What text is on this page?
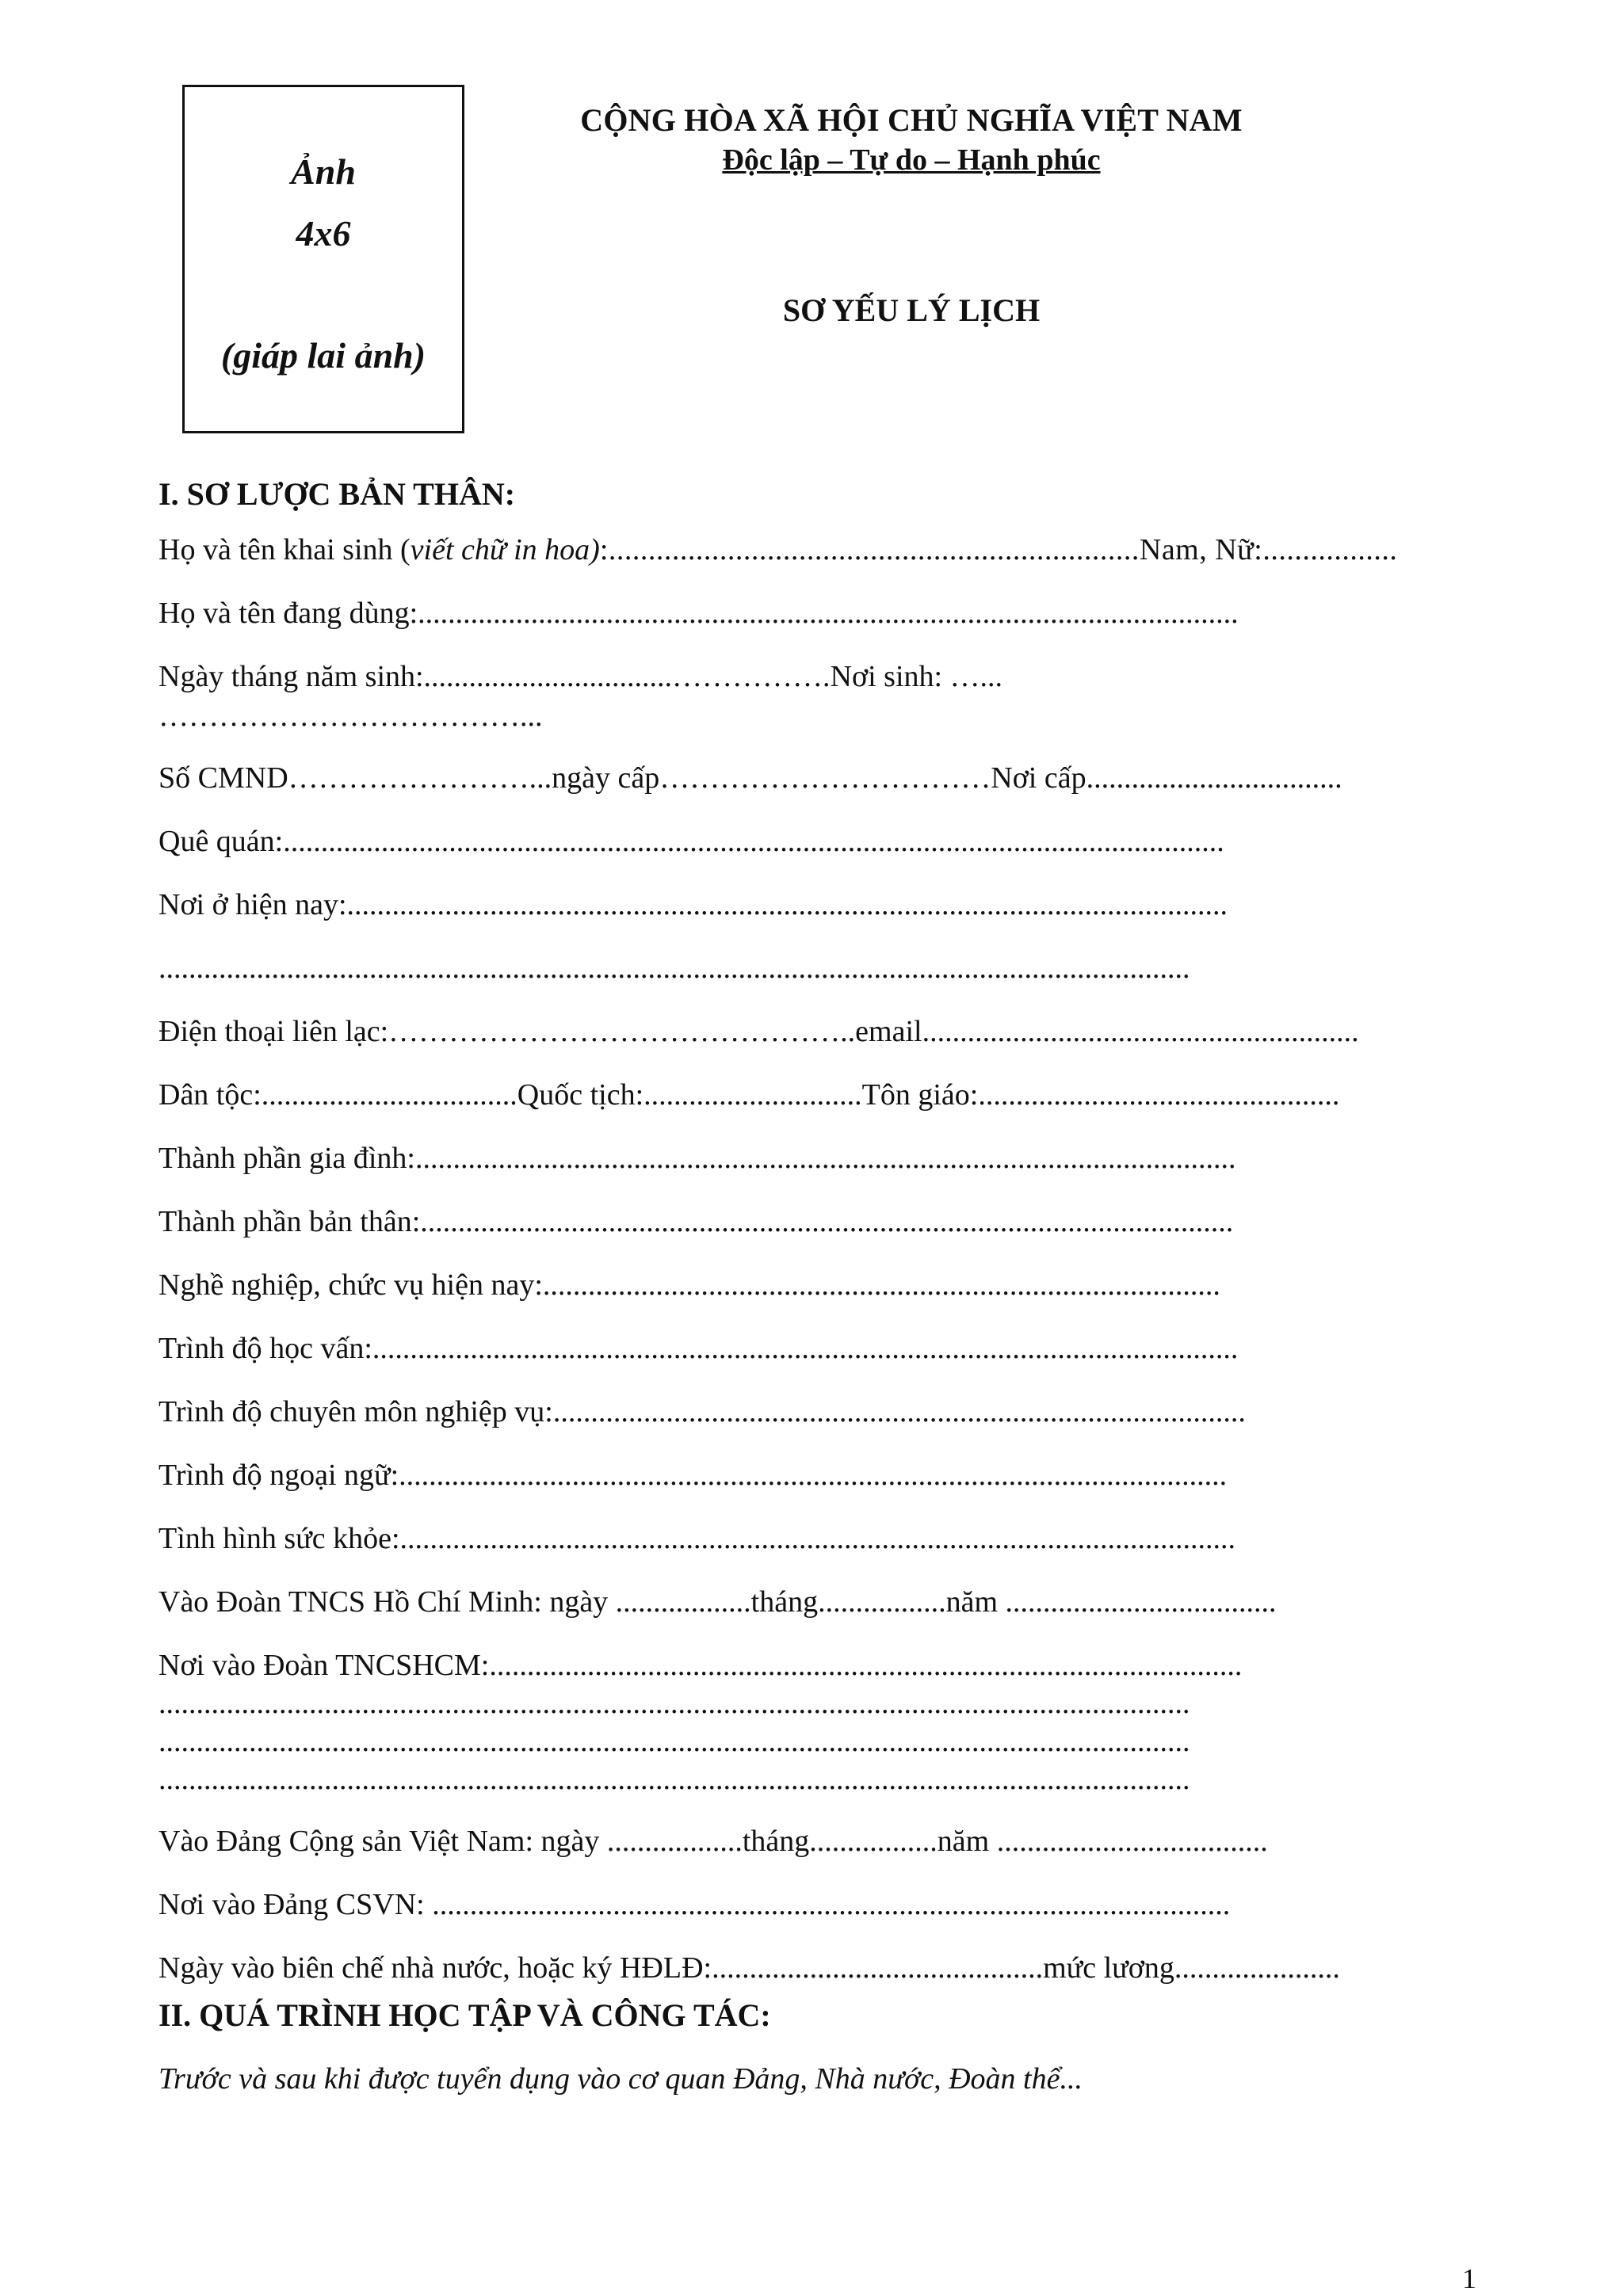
Ảnh
4x6
(giáp lai ảnh)
CỘNG HÒA XÃ HỘI CHỦ NGHĨA VIỆT NAM
Độc lập – Tự do – Hạnh phúc
SƠ YẾU LÝ LỊCH
I. SƠ LƯỢC BẢN THÂN:
Họ và tên khai sinh (viết chữ in hoa):...................................................................Nam, Nữ:.................
Họ và tên đang dùng:.............................................................................................................
Ngày tháng năm sinh:.................................…………….Nơi sinh: …...
………………………………...
Số CMND……………………...ngày cấp……………………………Nơi cấp..................................
Quê quán:.............................................................................................................................
Nơi ở hiện nay:.....................................................................................................................
.........................................................................................................................................
Điện thoại liên lạc:………………………………………..email..........................................................
Dân tộc:..................................Quốc tịch:.............................Tôn giáo:................................................
Thành phần gia đình:.............................................................................................................
Thành phần bản thân:............................................................................................................
Nghề nghiệp, chức vụ hiện nay:..........................................................................................
Trình độ học vấn:...................................................................................................................
Trình độ chuyên môn nghiệp vụ:............................................................................................
Trình độ ngoại ngữ:..............................................................................................................
Tình hình sức khỏe:...............................................................................................................
Vào Đoàn TNCS Hồ Chí Minh: ngày ..................tháng.................năm ....................................
Nơi vào Đoàn TNCSHCM:....................................................................................................
.........................................................................................................................................
.........................................................................................................................................
.........................................................................................................................................
Vào Đảng Cộng sản Việt Nam: ngày ..................tháng.................năm ....................................
Nơi vào Đảng CSVN: ..........................................................................................................
Ngày vào biên chế nhà nước, hoặc ký HĐLĐ:............................................mức lương......................
II. QUÁ TRÌNH HỌC TẬP VÀ CÔNG TÁC:
Trước và sau khi được tuyển dụng vào cơ quan Đảng, Nhà nước, Đoàn thể...
1
